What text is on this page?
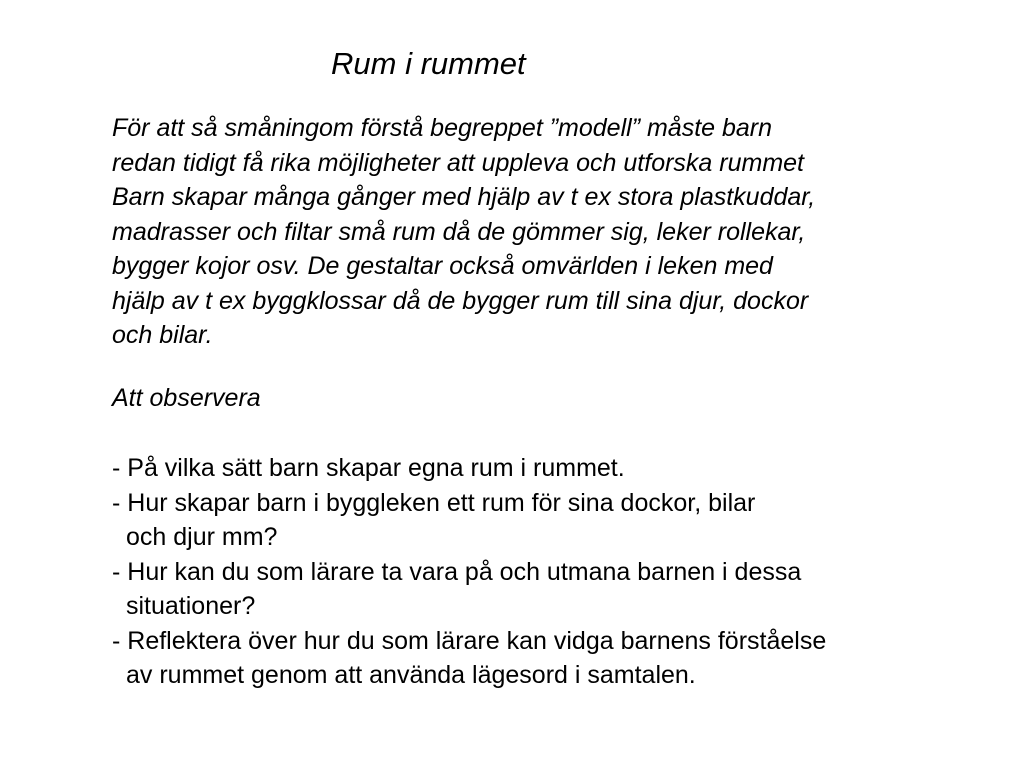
Rum i rummet
För att så småningom förstå begreppet ”modell” måste barn
redan tidigt få rika möjligheter att uppleva och utforska rummet
Barn skapar många gånger med hjälp av t ex stora plastkuddar,
madrasser och filtar små rum då de gömmer sig, leker rollekar,
bygger kojor osv. De gestaltar också omvärlden i leken med
hjälp av t ex byggklossar då de bygger rum till sina djur, dockor
och bilar.
Att observera
- På vilka sätt barn skapar egna rum i rummet.
- Hur skapar barn i byggleken ett rum för sina dockor, bilar
och djur mm?
- Hur kan du som lärare ta vara på och utmana barnen i dessa
situationer?
- Reflektera över hur du som lärare kan vidga barnens förståelse
av rummet genom att använda lägesord i samtalen.
